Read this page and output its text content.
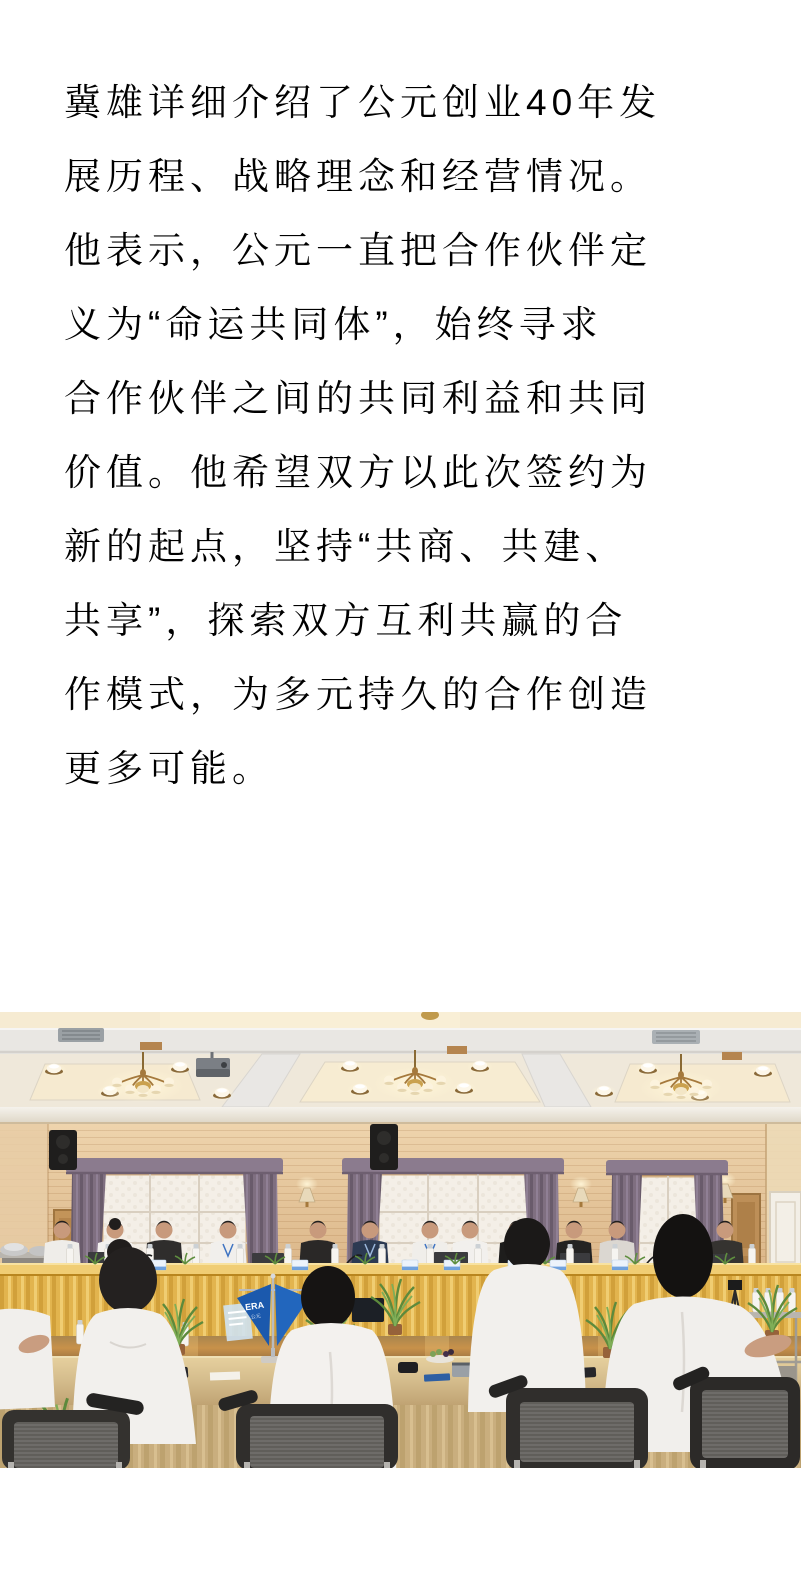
冀雄详细介绍了公元创业40年发
展历程、战略理念和经营情况。
他表示，公元一直把合作伙伴定
义为“命运共同体”，始终寻求
合作伙伴之间的共同利益和共同
价值。他希望双方以此次签约为
新的起点，坚持“共商、共建、
共享”，探索双方互利共赢的合
作模式，为多元持久的合作创造
更多可能。
ERA
公元
